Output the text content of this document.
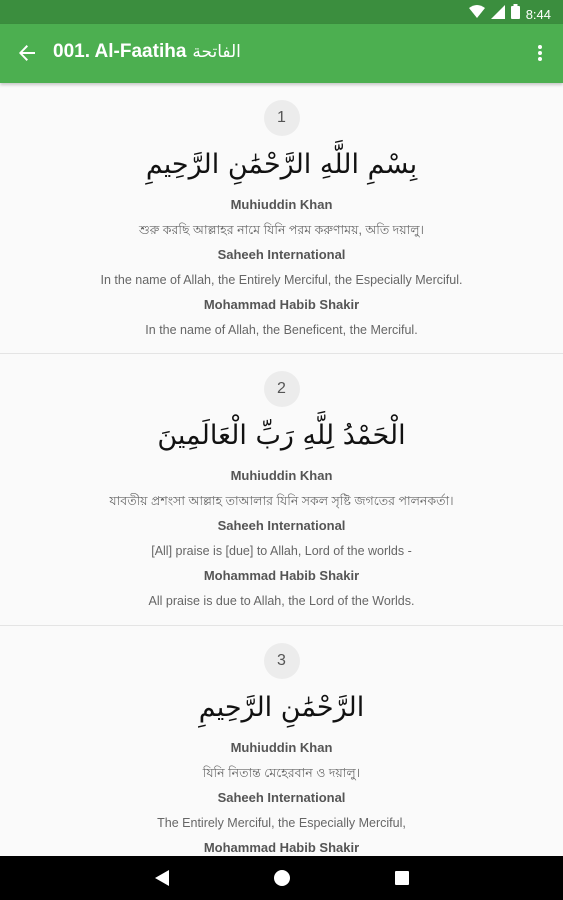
8:44
001. Al-Faatiha الفاتحة
1
بِسْمِ اللَّهِ الرَّحْمَٰنِ الرَّحِيمِ
Muhiuddin Khan
শুরু করছি আল্লাহর নামে যিনি পরম করুণাময়, অতি দয়ালু।
Saheeh International
In the name of Allah, the Entirely Merciful, the Especially Merciful.
Mohammad Habib Shakir
In the name of Allah, the Beneficent, the Merciful.
2
الْحَمْدُ لِلَّهِ رَبِّ الْعَالَمِينَ
Muhiuddin Khan
যাবতীয় প্রশংসা আল্লাহ তাআলার যিনি সকল সৃষ্টি জগতের পালনকর্তা।
Saheeh International
[All] praise is [due] to Allah, Lord of the worlds -
Mohammad Habib Shakir
All praise is due to Allah, the Lord of the Worlds.
3
الرَّحْمَٰنِ الرَّحِيمِ
Muhiuddin Khan
যিনি নিতান্ত মেহেরবান ও দয়ালু।
Saheeh International
The Entirely Merciful, the Especially Merciful,
Mohammad Habib Shakir
